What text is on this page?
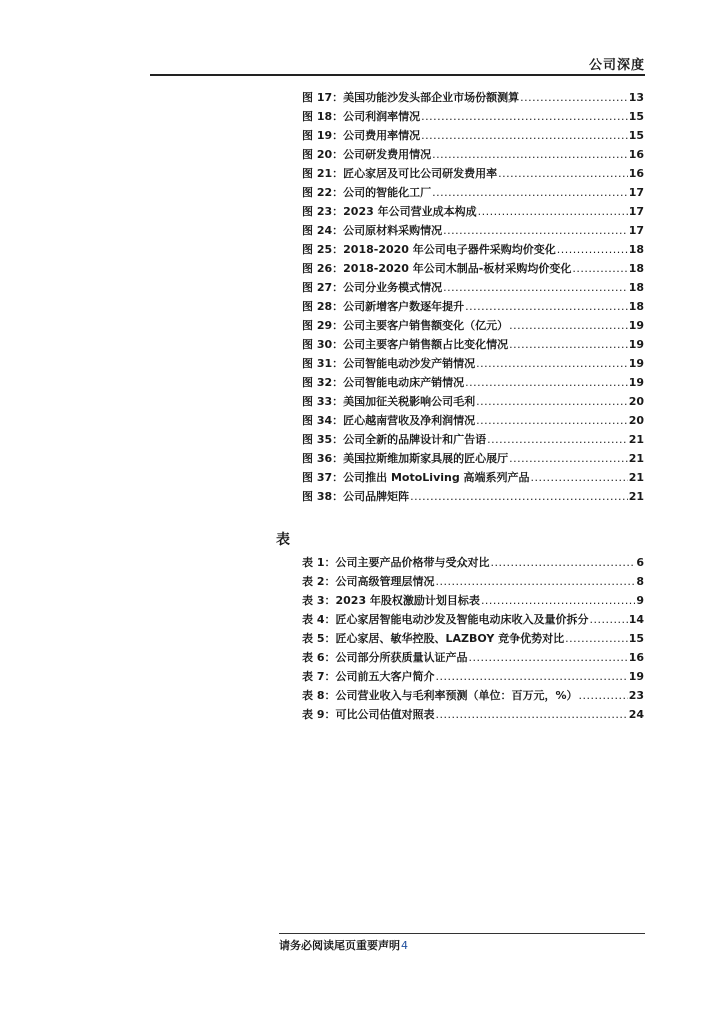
公司深度
图 17：美国功能沙发头部企业市场份额测算 .....	13
图 18：公司利润率情况 .....	15
图 19：公司费用率情况 .....	15
图 20：公司研发费用情况 .....	16
图 21：匠心家居及可比公司研发费用率 .....	16
图 22：公司的智能化工厂 .....	17
图 23：2023 年公司营业成本构成 .....	17
图 24：公司原材料采购情况 .....	17
图 25：2018-2020 年公司电子器件采购均价变化 .....	18
图 26：2018-2020 年公司木制品-板材采购均价变化 .....	18
图 27：公司分业务模式情况 .....	18
图 28：公司新增客户数逐年提升 .....	18
图 29：公司主要客户销售额变化（亿元） .....	19
图 30：公司主要客户销售额占比变化情况 .....	19
图 31：公司智能电动沙发产销情况 .....	19
图 32：公司智能电动床产销情况 .....	19
图 33：美国加征关税影响公司毛利 .....	20
图 34：匠心越南营收及净利润情况 .....	20
图 35：公司全新的品牌设计和广告语 .....	21
图 36：美国拉斯维加斯家具展的匠心展厅 .....	21
图 37：公司推出 MotoLiving 高端系列产品 .....	21
图 38：公司品牌矩阵 .....	21
表
表 1：公司主要产品价格带与受众对比 .....	6
表 2：公司高级管理层情况 .....	8
表 3：2023 年股权激励计划目标表 .....	9
表 4：匠心家居智能电动沙发及智能电动床收入及量价拆分 .....	14
表 5：匠心家居、敏华控股、LAZBOY 竞争优势对比 .....	15
表 6：公司部分所获质量认证产品 .....	16
表 7：公司前五大客户简介 .....	19
表 8：公司营业收入与毛利率预测（单位：百万元，%） .....	23
表 9：可比公司估值对照表 .....	24
请务必阅读尾页重要声明4
